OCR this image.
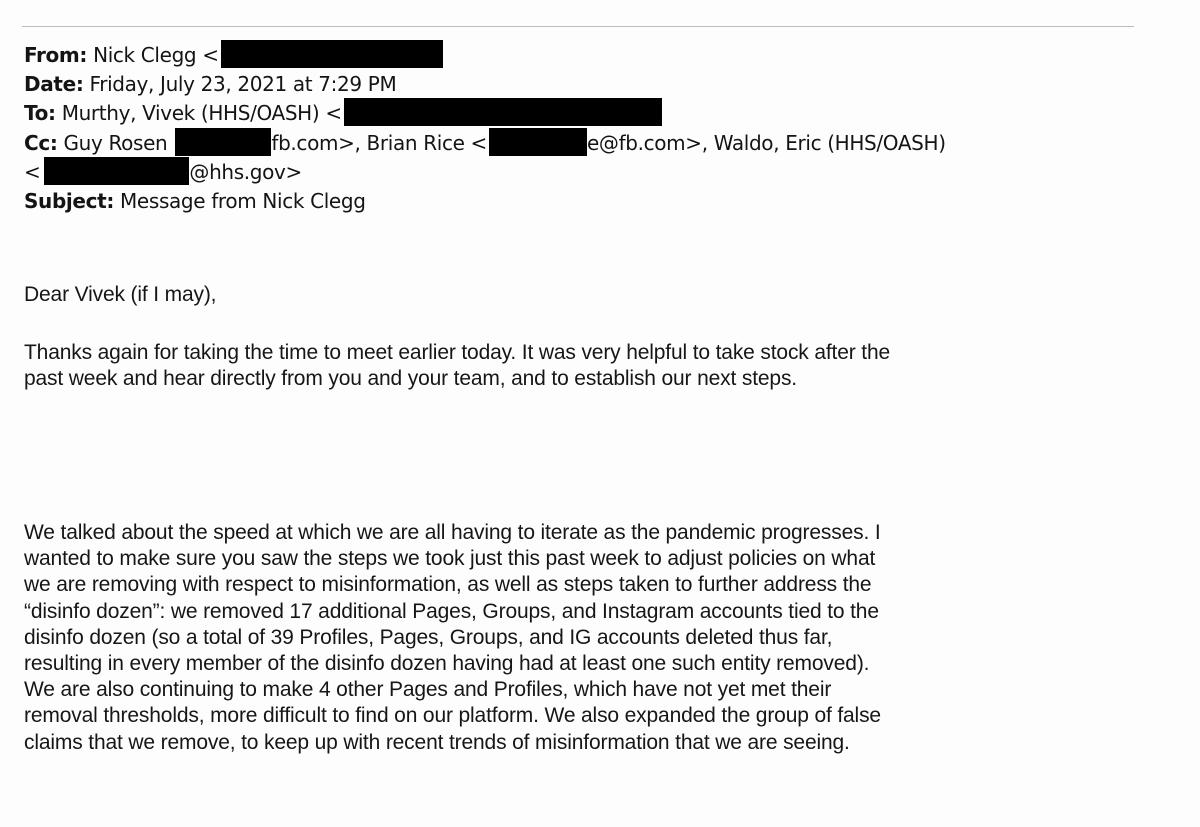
From: Nick Clegg <
Date: Friday, July 23, 2021 at 7:29 PM
To: Murthy, Vivek (HHS/OASH) <
Cc: Guy Rosen	fb.com>, Brian Rice <	e@fb.com>, Waldo, Eric (HHS/OASH)
<	@hhs.gov>
Subject: Message from Nick Clegg
Dear Vivek (if I may),
Thanks again for taking the time to meet earlier today. It was very helpful to take stock after the
past week and hear directly from you and your team, and to establish our next steps.
We talked about the speed at which we are all having to iterate as the pandemic progresses. I
wanted to make sure you saw the steps we took just this past week to adjust policies on what
we are removing with respect to misinformation, as well as steps taken to further address the
“disinfo dozen”: we removed 17 additional Pages, Groups, and Instagram accounts tied to the
disinfo dozen (so a total of 39 Profiles, Pages, Groups, and IG accounts deleted thus far,
resulting in every member of the disinfo dozen having had at least one such entity removed).
We are also continuing to make 4 other Pages and Profiles, which have not yet met their
removal thresholds, more difficult to find on our platform. We also expanded the group of false
claims that we remove, to keep up with recent trends of misinformation that we are seeing.
